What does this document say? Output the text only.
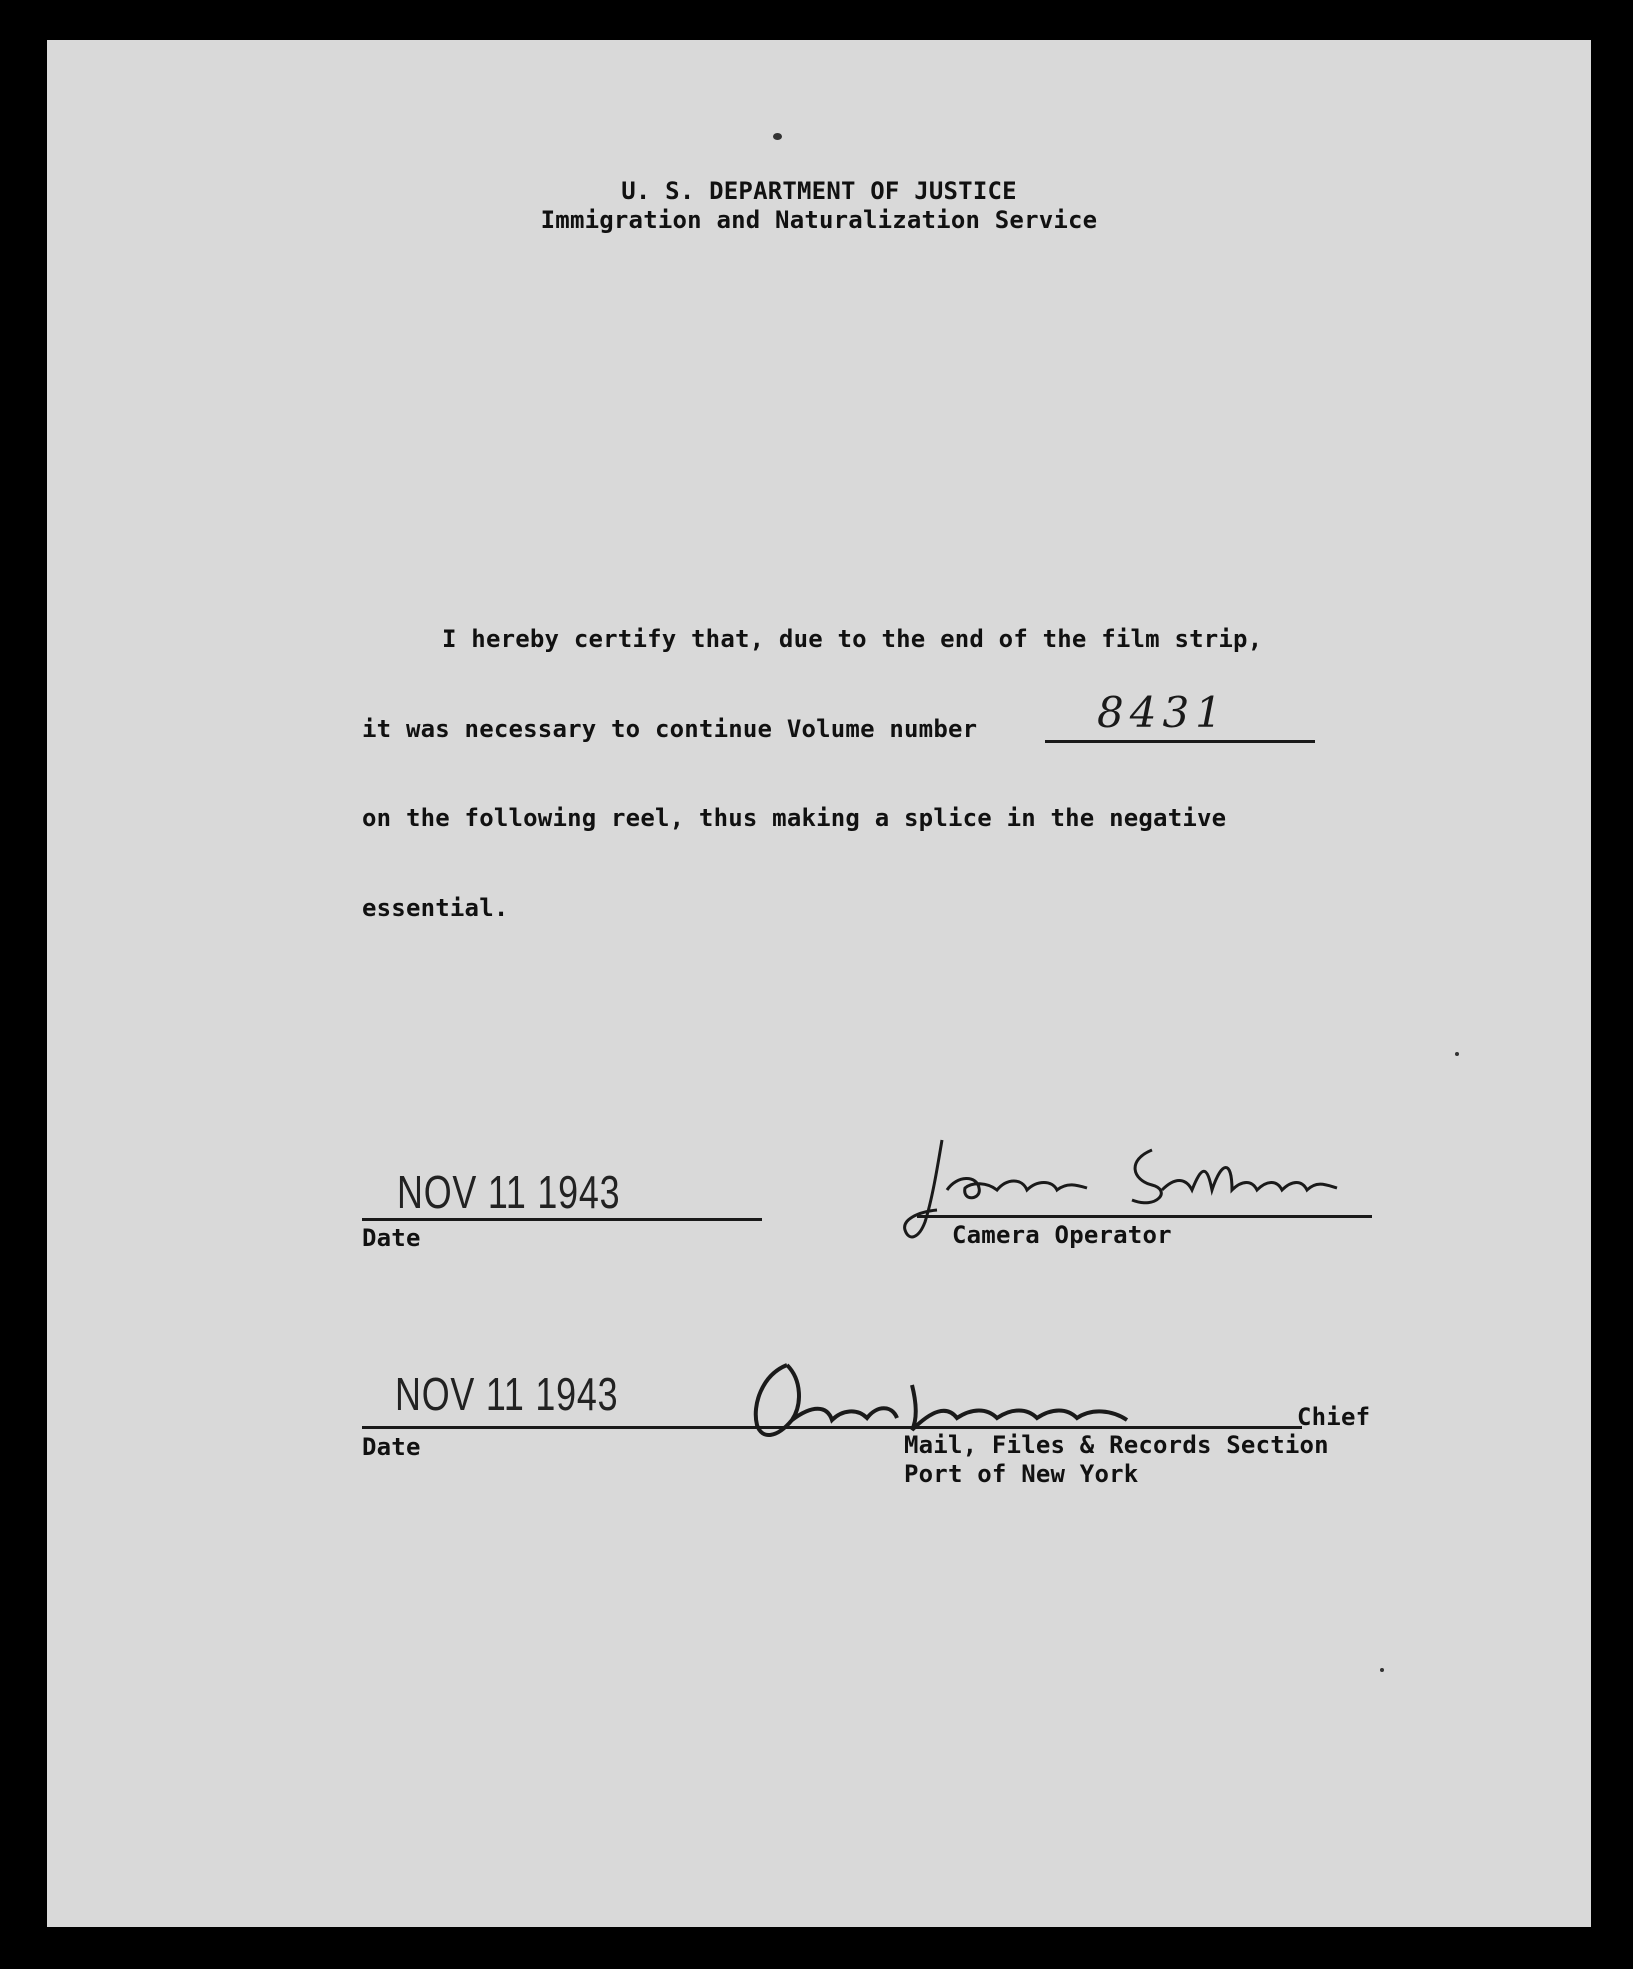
U. S. DEPARTMENT OF JUSTICE
Immigration and Naturalization Service
I hereby certify that, due to the end of the film strip,
it was necessary to continue Volume number	8431
on the following reel, thus making a splice in the negative
essential.
NOV 11 1943
Date	Camera Operator
NOV 11 1943
Date
Chief
Mail, Files & Records Section
Port of New York
